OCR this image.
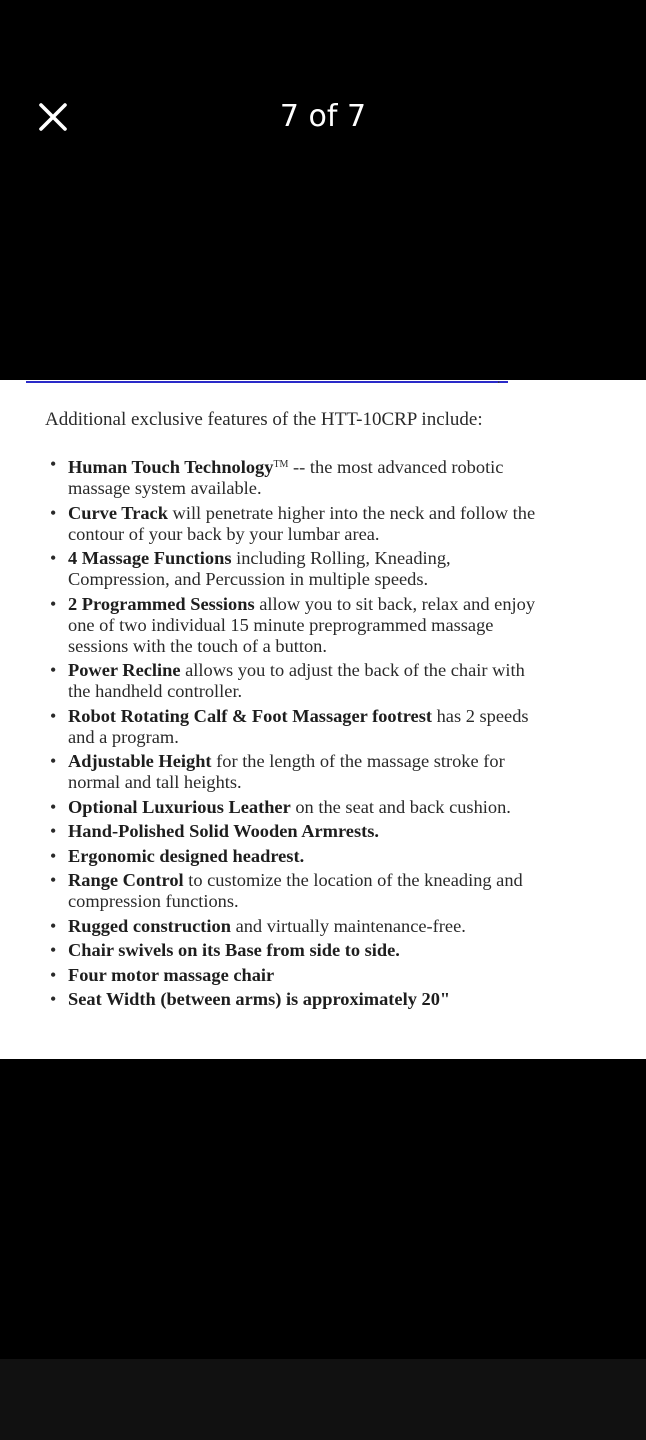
7 of 7
.

Additional exclusive features of the HTT-10CRP include:

• Human Touch Technology™ -- the most advanced robotic massage system available.
• Curve Track will penetrate higher into the neck and follow the contour of your back by your lumbar area.
• 4 Massage Functions including Rolling, Kneading, Compression, and Percussion in multiple speeds.
• 2 Programmed Sessions allow you to sit back, relax and enjoy one of two individual 15 minute preprogrammed massage sessions with the touch of a button.
• Power Recline allows you to adjust the back of the chair with the handheld controller.
• Robot Rotating Calf & Foot Massager footrest has 2 speeds and a program.
• Adjustable Height for the length of the massage stroke for normal and tall heights.
• Optional Luxurious Leather on the seat and back cushion.
• Hand-Polished Solid Wooden Armrests.
• Ergonomic designed headrest.
• Range Control to customize the location of the kneading and compression functions.
• Rugged construction and virtually maintenance-free.
• Chair swivels on its Base from side to side.
• Four motor massage chair
• Seat Width (between arms) is approximately 20"
